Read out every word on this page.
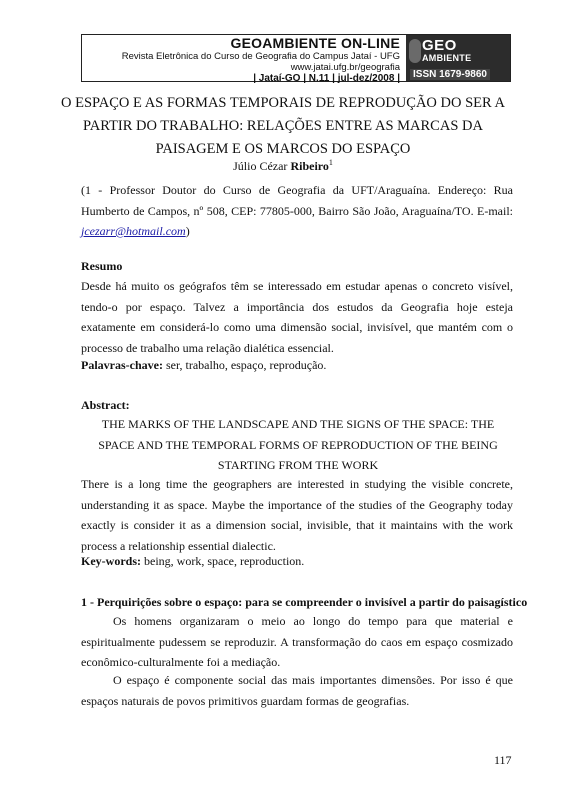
GEOAMBIENTE ON-LINE
Revista Eletrônica do Curso de Geografia do Campus Jataí - UFG
www.jatai.ufg.br/geografia
| Jataí-GO | N.11 | jul-dez/2008 |
GEO
AMBIENTE
ISSN 1679-9860
O ESPAÇO E AS FORMAS TEMPORAIS DE REPRODUÇÃO DO SER A PARTIR DO TRABALHO: RELAÇÕES ENTRE AS MARCAS DA PAISAGEM E OS MARCOS DO ESPAÇO
Júlio Cézar Ribeiro$^1$
(1 - Professor Doutor do Curso de Geografia da UFT/Araguaína. Endereço: Rua Humberto de Campos, nº 508, CEP: 77805-000, Bairro São João, Araguaína/TO. E-mail: jcezarr@hotmail.com)
Resumo
Desde há muito os geógrafos têm se interessado em estudar apenas o concreto visível, tendo-o por espaço. Talvez a importância dos estudos da Geografia hoje esteja exatamente em considerá-lo como uma dimensão social, invisível, que mantém com o processo de trabalho uma relação dialética essencial.
Palavras-chave: ser, trabalho, espaço, reprodução.
Abstract:
THE MARKS OF THE LANDSCAPE AND THE SIGNS OF THE SPACE: THE SPACE AND THE TEMPORAL FORMS OF REPRODUCTION OF THE BEING STARTING FROM THE WORK
There is a long time the geographers are interested in studying the visible concrete, understanding it as space. Maybe the importance of the studies of the Geography today exactly is consider it as a dimension social, invisible, that it maintains with the work process a relationship essential dialectic.
Key-words: being, work, space, reproduction.
1 - Perquirições sobre o espaço: para se compreender o invisível a partir do paisagístico
Os homens organizaram o meio ao longo do tempo para que material e espiritualmente pudessem se reproduzir. A transformação do caos em espaço cosmizado econômico-culturalmente foi a mediação.
O espaço é componente social das mais importantes dimensões. Por isso é que espaços naturais de povos primitivos guardam formas de geografias.
117
